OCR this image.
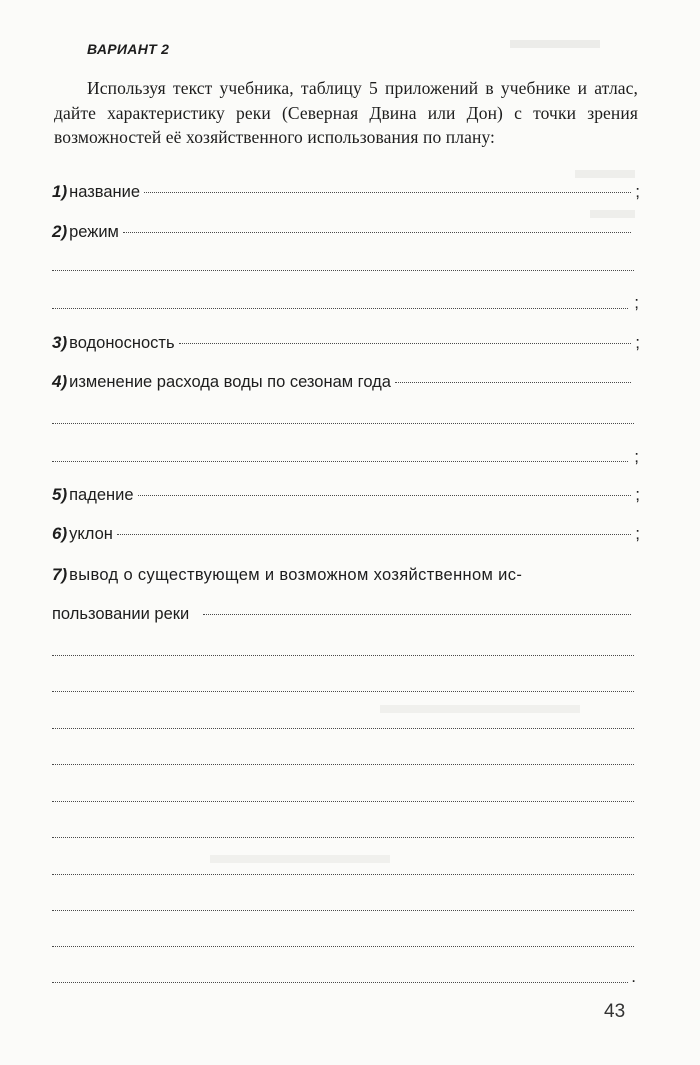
ВАРИАНТ 2
Используя текст учебника, таблицу 5 приложений в учебнике и атлас, дайте характеристику реки (Северная Двина или Дон) с точки зрения возможностей её хозяйственного использования по плану:
1) название	;
2) режим
;
3) водоносность	;
4) изменение расхода воды по сезонам года
;
5) падение	;
6) уклон	;
7) вывод о существующем и возможном хозяйственном ис-
пользовании реки
.
43
